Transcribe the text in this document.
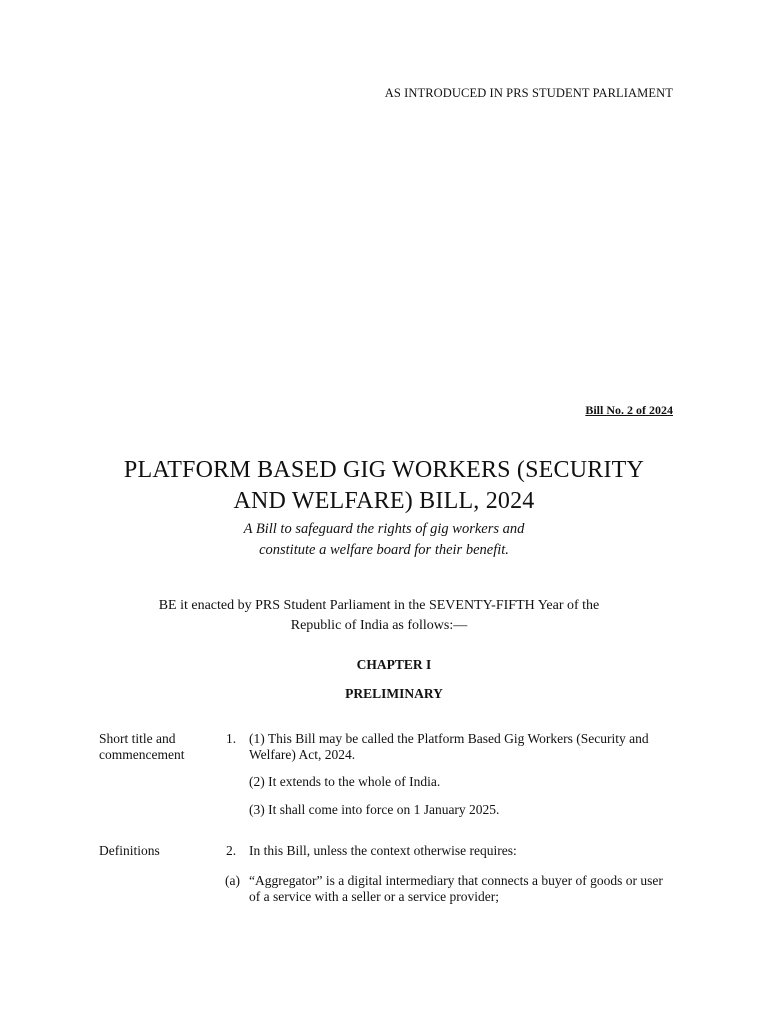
AS INTRODUCED IN PRS STUDENT PARLIAMENT
Bill No. 2 of 2024
PLATFORM BASED GIG WORKERS (SECURITY
AND WELFARE) BILL, 2024
A Bill to safeguard the rights of gig workers and
constitute a welfare board for their benefit.
BE it enacted by PRS Student Parliament in the SEVENTY-FIFTH Year of the
Republic of India as follows:—
CHAPTER I
PRELIMINARY
Short title and
commencement
1. (1) This Bill may be called the Platform Based Gig Workers (Security and
Welfare) Act, 2024.
(2) It extends to the whole of India.
(3) It shall come into force on 1 January 2025.
Definitions	2. In this Bill, unless the context otherwise requires:
(a) “Aggregator” is a digital intermediary that connects a buyer of goods or user
of a service with a seller or a service provider;
